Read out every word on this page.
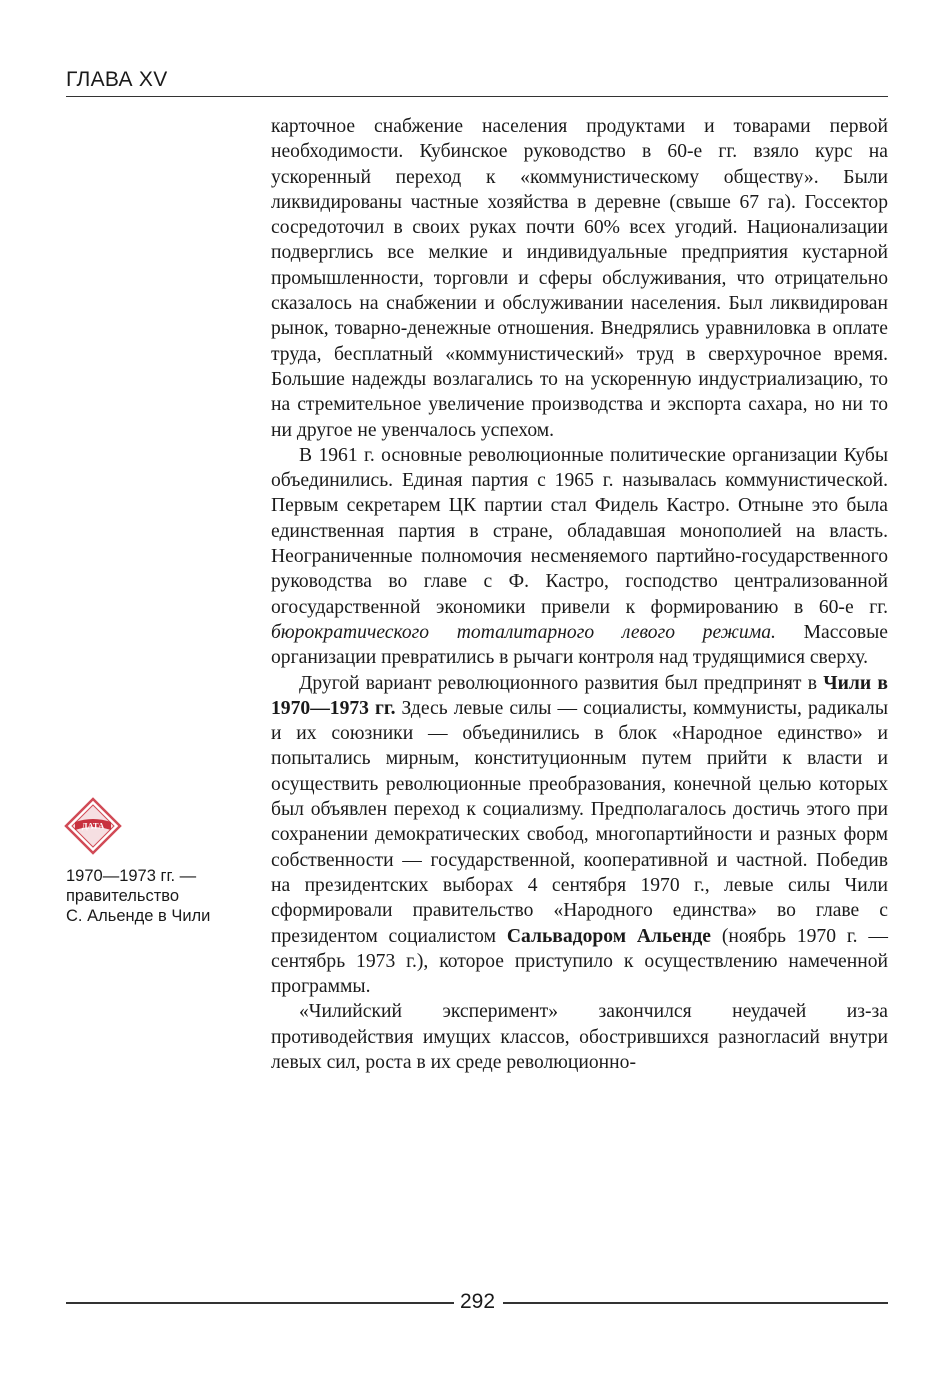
ГЛАВА XV

карточное снабжение населения продуктами и товарами первой необходимости. Кубинское руководство в 60-е гг. взяло курс на ускоренный переход к «коммунистическому обществу». Были ликвидированы частные хозяйства в деревне (свыше 67 га). Госсектор сосредоточил в своих руках почти 60% всех угодий. Национализации подверглись все мелкие и индивидуальные предприятия кустарной промышленности, торговли и сферы обслуживания, что отрицательно сказалось на снабжении и обслуживании населения. Был ликвидирован рынок, товарно-денежные отношения. Внедрялись уравниловка в оплате труда, бесплатный «коммунистический» труд в сверхурочное время. Большие надежды возлагались то на ускоренную индустриализацию, то на стремительное увеличение производства и экспорта сахара, но ни то ни другое не увенчалось успехом.

В 1961 г. основные революционные политические организации Кубы объединились. Единая партия с 1965 г. называлась коммунистической. Первым секретарем ЦК партии стал Фидель Кастро. Отныне это была единственная партия в стране, обладавшая монополией на власть. Неограниченные полномочия несменяемого партийно-государственного руководства во главе с Ф. Кастро, господство централизованной огосударственной экономики привели к формированию в 60-е гг. бюрократического тоталитарного левого режима. Массовые организации превратились в рычаги контроля над трудящимися сверху.

Другой вариант революционного развития был предпринят в Чили в 1970—1973 гг. Здесь левые силы — социалисты, коммунисты, радикалы и их союзники — объединились в блок «Народное единство» и попытались мирным, конституционным путем прийти к власти и осуществить революционные преобразования, конечной целью которых был объявлен переход к социализму. Предполагалось достичь этого при сохранении демократических свобод, многопартийности и разных форм собственности — государственной, кооперативной и частной. Победив на президентских выборах 4 сентября 1970 г., левые силы Чили сформировали правительство «Народного единства» во главе с президентом социалистом Сальвадором Альенде (ноябрь 1970 г. — сентябрь 1973 г.), которое приступило к осуществлению намеченной программы.

«Чилийский эксперимент» закончился неудачей из-за противодействия имущих классов, обострившихся разногласий внутри левых сил, роста в их среде революционно-

ДАТА
1970—1973 гг. —
правительство
С. Альенде в Чили
292
